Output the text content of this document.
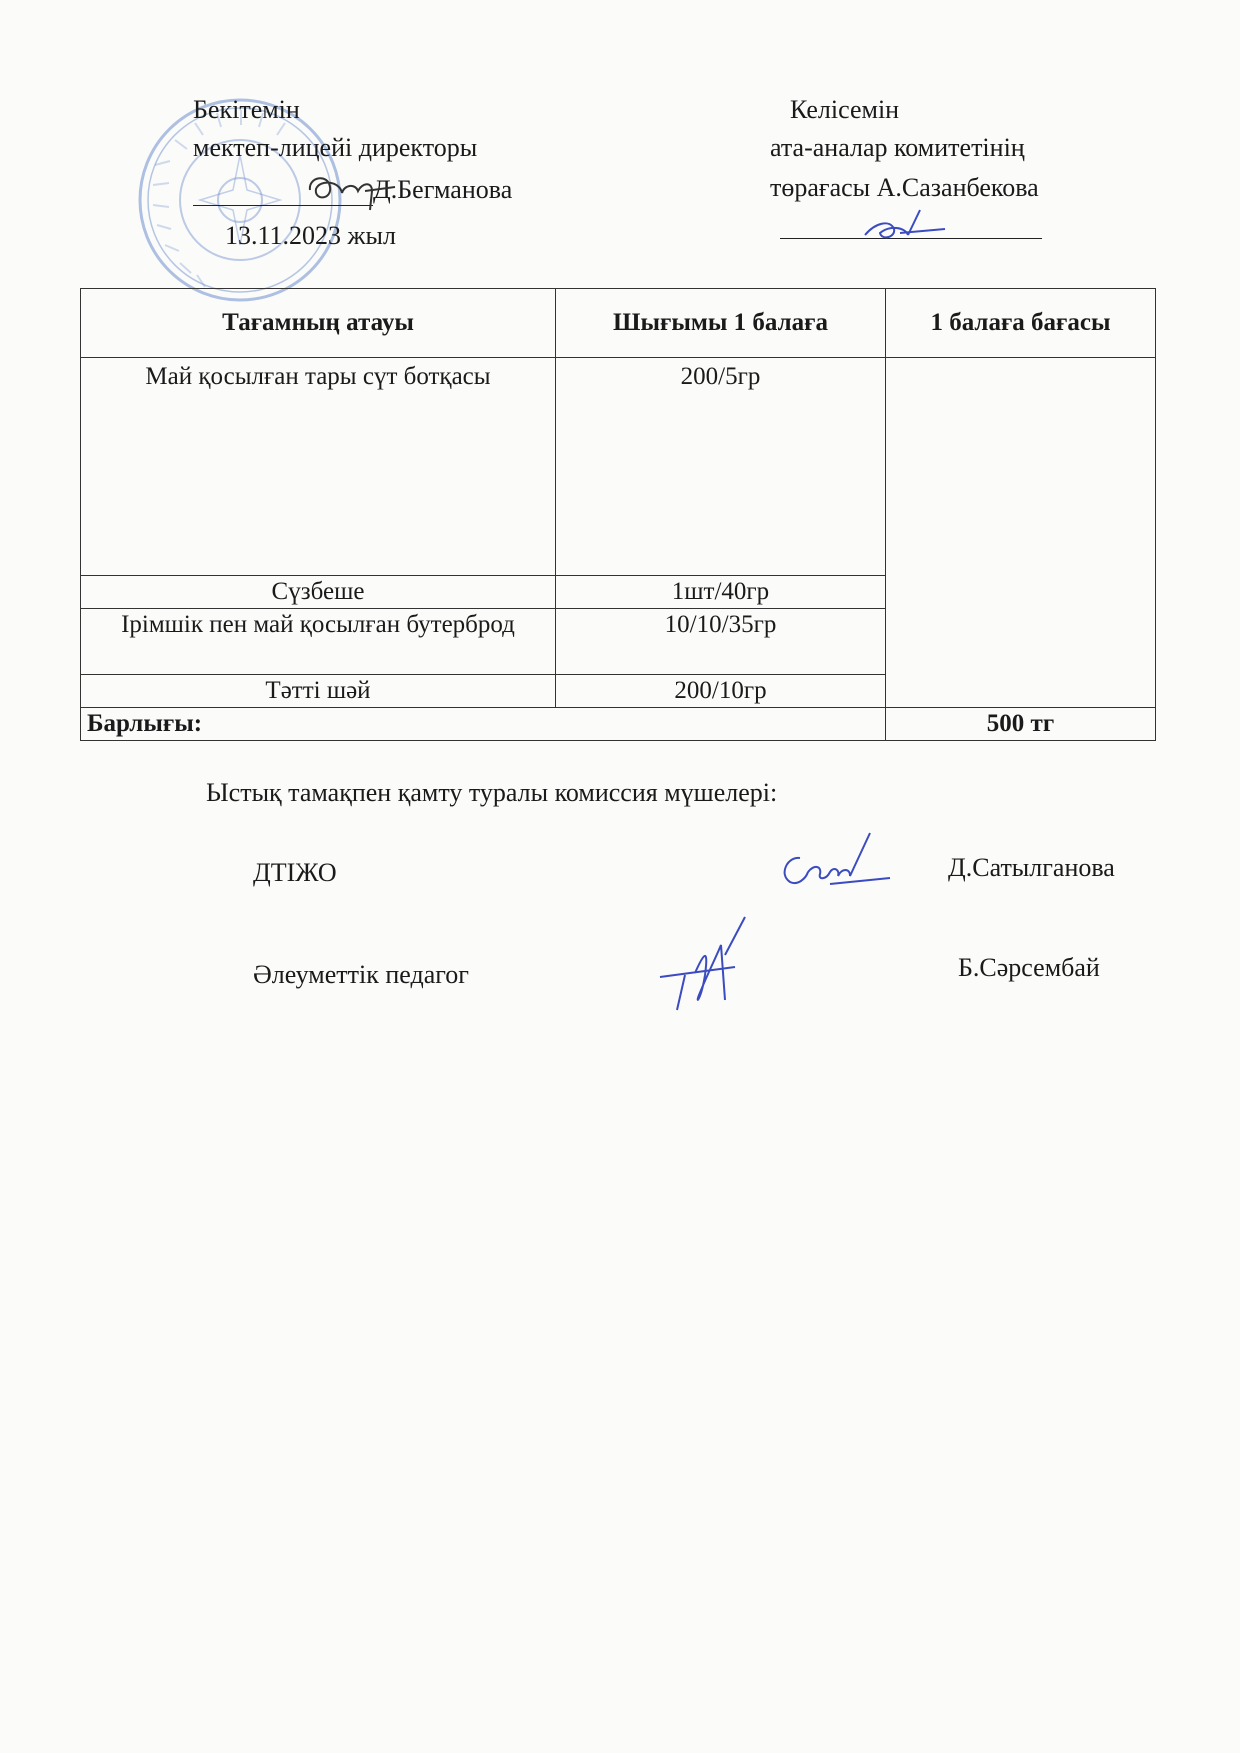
Бекітемін
мектеп-лицейі директоры
Д.Бегманова
13.11.2023 жыл
Келісемін
ата-аналар комитетінің
төрағасы А.Сазанбекова
Тағамның атауы	Шығымы 1 балаға	1 балаға бағасы
Май қосылған тары сүт ботқасы	200/5гр	
Сүзбеше	1шт/40гр	
Ірімшік пен май қосылған бутерброд	10/10/35гр	
Тәтті шәй	200/10гр	
Барлығы:		500 тг
Ыстық тамақпен қамту туралы комиссия мүшелері:
ДТІЖО	Д.Сатылганова
Әлеуметтік педагог	Б.Сәрсембай
